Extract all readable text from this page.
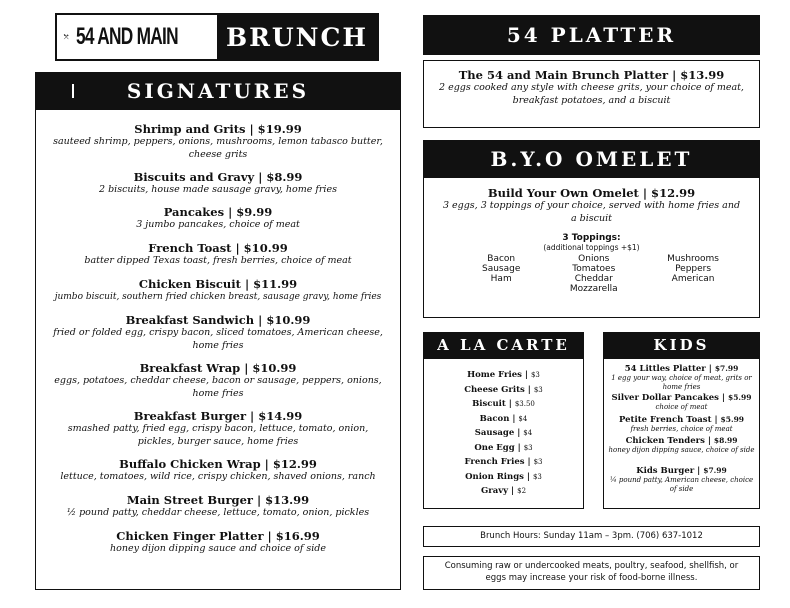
54 AND MAIN	BRUNCH
SIGNATURES
Shrimp and Grits | $19.99
sauteed shrimp, peppers, onions, mushrooms, lemon tabasco butter, cheese grits
Biscuits and Gravy | $8.99
2 biscuits, house made sausage gravy, home fries
Pancakes | $9.99
3 jumbo pancakes, choice of meat
French Toast | $10.99
batter dipped Texas toast, fresh berries, choice of meat
Chicken Biscuit | $11.99
jumbo biscuit, southern fried chicken breast, sausage gravy, home fries
Breakfast Sandwich | $10.99
fried or folded egg, crispy bacon, sliced tomatoes, American cheese, home fries
Breakfast Wrap | $10.99
eggs, potatoes, cheddar cheese, bacon or sausage, peppers, onions, home fries
Breakfast Burger | $14.99
smashed patty, fried egg, crispy bacon, lettuce, tomato, onion, pickles, burger sauce, home fries
Buffalo Chicken Wrap | $12.99
lettuce, tomatoes, wild rice, crispy chicken, shaved onions, ranch
Main Street Burger | $13.99
½ pound patty, cheddar cheese, lettuce, tomato, onion, pickles
Chicken Finger Platter | $16.99
honey dijon dipping sauce and choice of side
54 PLATTER
The 54 and Main Brunch Platter | $13.99
2 eggs cooked any style with cheese grits, your choice of meat, breakfast potatoes, and a biscuit
B.Y.O OMELET
Build Your Own Omelet | $12.99
3 eggs, 3 toppings of your choice, served with home fries and a biscuit
3 Toppings:
(additional toppings +$1)
Bacon
Sausage
Ham
Onions
Tomatoes
Cheddar
Mozzarella
Mushrooms
Peppers
American
A LA CARTE
Home Fries | $3
Cheese Grits | $3
Biscuit | $3.50
Bacon | $4
Sausage | $4
One Egg | $3
French Fries | $3
Onion Rings | $3
Gravy | $2
KIDS
54 Littles Platter | $7.99
1 egg your way, choice of meat, grits or home fries
Silver Dollar Pancakes | $5.99
choice of meat
Petite French Toast | $5.99
fresh berries, choice of meat
Chicken Tenders | $8.99
honey dijon dipping sauce, choice of side
Kids Burger | $7.99
¼ pound patty, American cheese, choice of side
Brunch Hours: Sunday 11am – 3pm. (706) 637-1012
Consuming raw or undercooked meats, poultry, seafood, shellfish, or eggs may increase your risk of food-borne illness.
